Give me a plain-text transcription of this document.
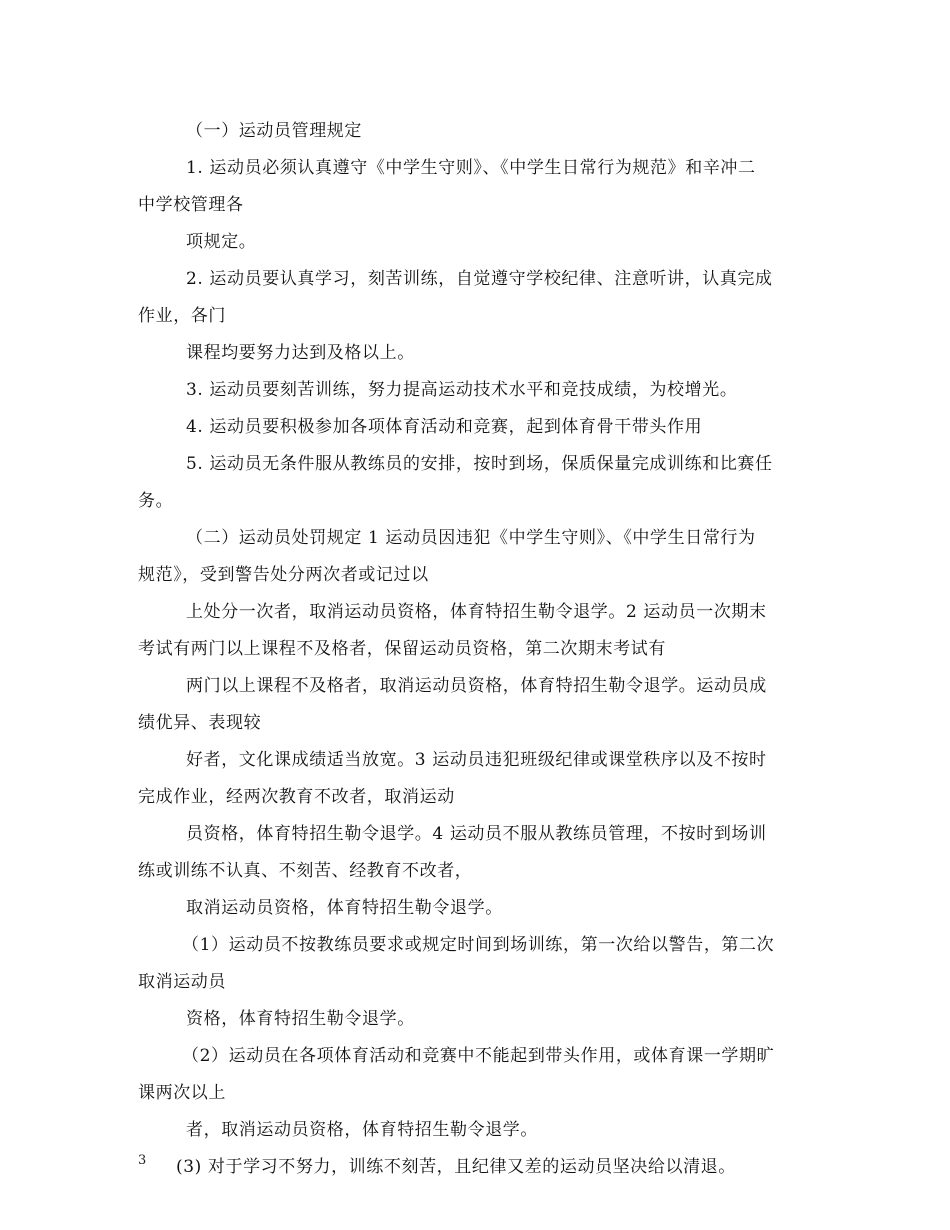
（一）运动员管理规定
1. 运动员必须认真遵守《中学生守则》、《中学生日常行为规范》和辛冲二
中学校管理各
项规定。
2. 运动员要认真学习，刻苦训练，自觉遵守学校纪律、注意听讲，认真完成
作业，各门
课程均要努力达到及格以上。
3. 运动员要刻苦训练，努力提高运动技术水平和竞技成绩，为校增光。
4. 运动员要积极参加各项体育活动和竞赛，起到体育骨干带头作用
5. 运动员无条件服从教练员的安排，按时到场，保质保量完成训练和比赛任
务。
（二）运动员处罚规定 1 运动员因违犯《中学生守则》、《中学生日常行为
规范》，受到警告处分两次者或记过以
上处分一次者，取消运动员资格，体育特招生勒令退学。2 运动员一次期末
考试有两门以上课程不及格者，保留运动员资格，第二次期末考试有
两门以上课程不及格者，取消运动员资格，体育特招生勒令退学。运动员成
绩优异、表现较
好者，文化课成绩适当放宽。3 运动员违犯班级纪律或课堂秩序以及不按时
完成作业，经两次教育不改者，取消运动
员资格，体育特招生勒令退学。4 运动员不服从教练员管理，不按时到场训
练或训练不认真、不刻苦、经教育不改者，
取消运动员资格，体育特招生勒令退学。
（1）运动员不按教练员要求或规定时间到场训练，第一次给以警告，第二次
取消运动员
资格，体育特招生勒令退学。
（2）运动员在各项体育活动和竞赛中不能起到带头作用，或体育课一学期旷
课两次以上
者，取消运动员资格，体育特招生勒令退学。
(3) 对于学习不努力，训练不刻苦，且纪律又差的运动员坚决给以清退。
3
